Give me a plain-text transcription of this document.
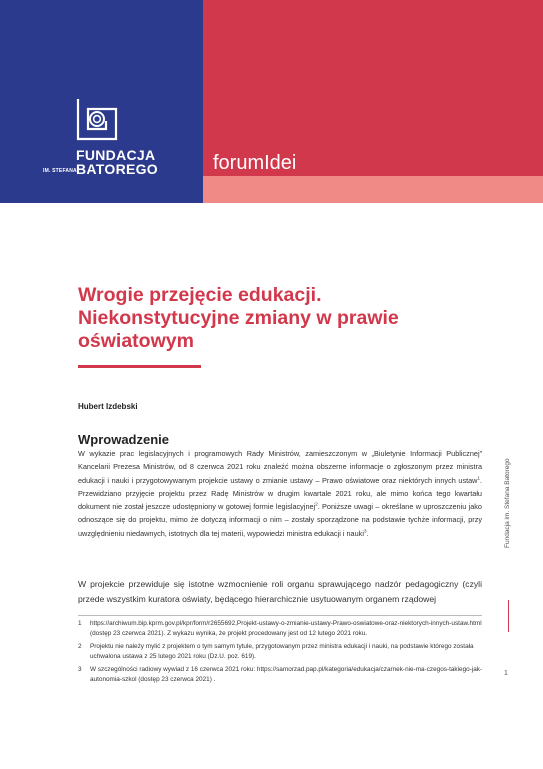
FUNDACJA
IM. STEFANA BATOREGO	forumIdei
Wrogie przejęcie edukacji. Niekonstytucyjne zmiany w prawie oświatowym
Hubert Izdebski
Wprowadzenie

W wykazie prac legislacyjnych i programowych Rady Ministrów, zamieszczonym w „Biuletynie Informacji Publicznej” Kancelarii Prezesa Ministrów, od 8 czerwca 2021 roku znaleźć można obszerne informacje o zgłoszonym przez ministra edukacji i nauki i przygotowywanym projekcie ustawy o zmianie ustawy – Prawo oświatowe oraz niektórych innych ustaw$^1$. Przewidziano przyjęcie projektu przez Radę Ministrów w drugim kwartale 2021 roku, ale mimo końca tego kwartału dokument nie został jeszcze udostępniony w gotowej formie legislacyjnej$^2$. Poniższe uwagi – określane w uproszczeniu jako odnoszące się do projektu, mimo że dotyczą informacji o nim – zostały sporządzone na podstawie tychże informacji, przy uwzględnieniu niedawnych, istotnych dla tej materii, wypowiedzi ministra edukacji i nauki$^3$.

W projekcie przewiduje się istotne wzmocnienie roli organu sprawującego nadzór pedagogiczny (czyli przede wszystkim kuratora oświaty, będącego hierarchicznie usytuowanym organem rządowej

1	https://archiwum.bip.kprm.gov.pl/kpr/form/r2655692,Projekt-ustawy-o-zmianie-ustawy-Prawo-oswiatowe-oraz-niektorych-innych-ustaw.html (dostęp 23 czerwca 2021). Z wykazu wynika, że projekt procedowany jest od 12 lutego 2021 roku.
2	Projektu nie należy mylić z projektem o tym samym tytule, przygotowanym przez ministra edukacji i nauki, na podstawie którego została uchwalona ustawa z 25 lutego 2021 roku (Dz.U. poz. 619).
3	W szczególności radiowy wywiad z 16 czerwca 2021 roku: https://samorzad.pap.pl/kategoria/edukacja/czarnek-nie-ma-czegos-takiego-jak-autonomia-szkol (dostęp 23 czerwca 2021) .
Fundacja im. Stefana Batorego
1
